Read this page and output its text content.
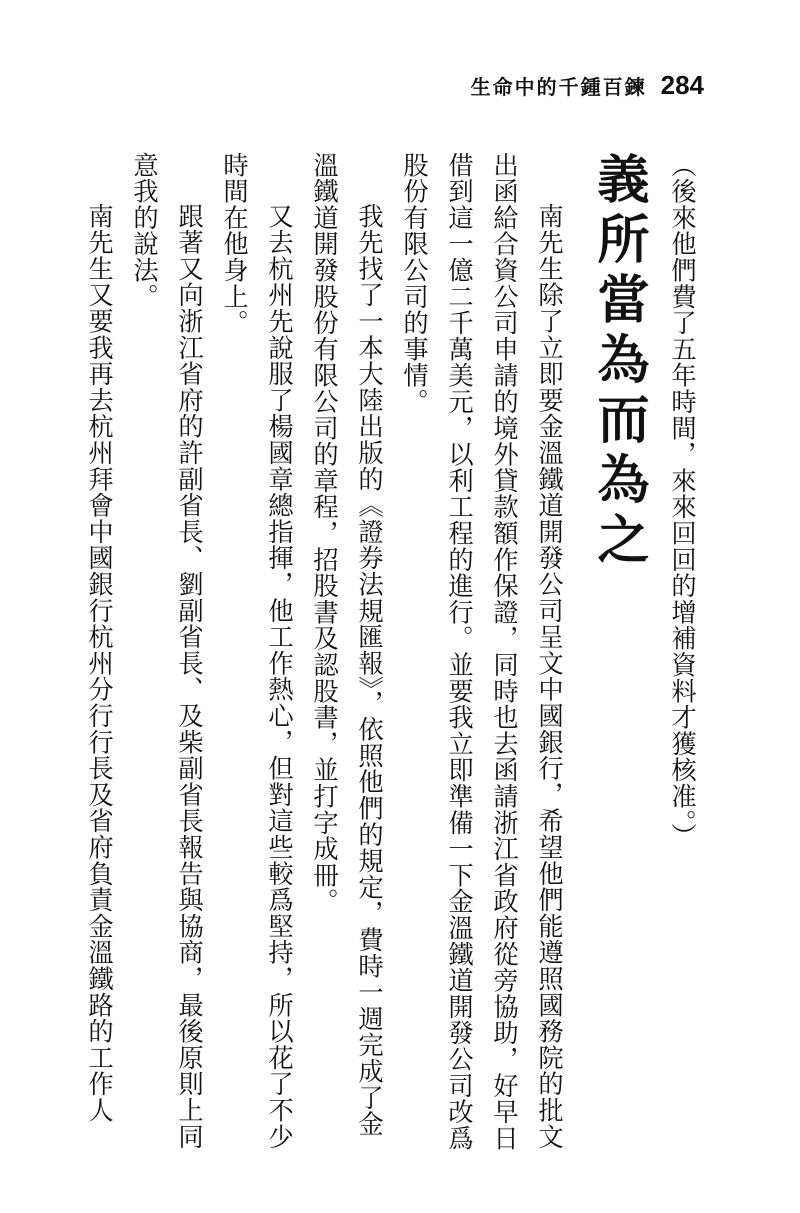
生命中的千鍾百鍊 284

（後來他們費了五年時間，來來回回的增補資料才獲核准。）

義所當為而為之

南先生除了立即要金溫鐵道開發公司呈文中國銀行，希望他們能遵照國務院的批文出函給合資公司申請的境外貸款額作保證，同時也去函請浙江省政府從旁協助，好早日借到這一億二千萬美元，以利工程的進行。並要我立即準備一下金溫鐵道開發公司改爲股份有限公司的事情。

我先找了一本大陸出版的《證券法規匯報》，依照他們的規定，費時一週完成了金溫鐵道開發股份有限公司的章程，招股書及認股書，並打字成冊。

又去杭州先說服了楊國章總指揮，他工作熱心，但對這些較爲堅持，所以花了不少時間在他身上。

跟著又向浙江省府的許副省長、劉副省長、及柴副省長報告與協商，最後原則上同意我的說法。

南先生又要我再去杭州拜會中國銀行杭州分行行長及省府負責金溫鐵路的工作人
